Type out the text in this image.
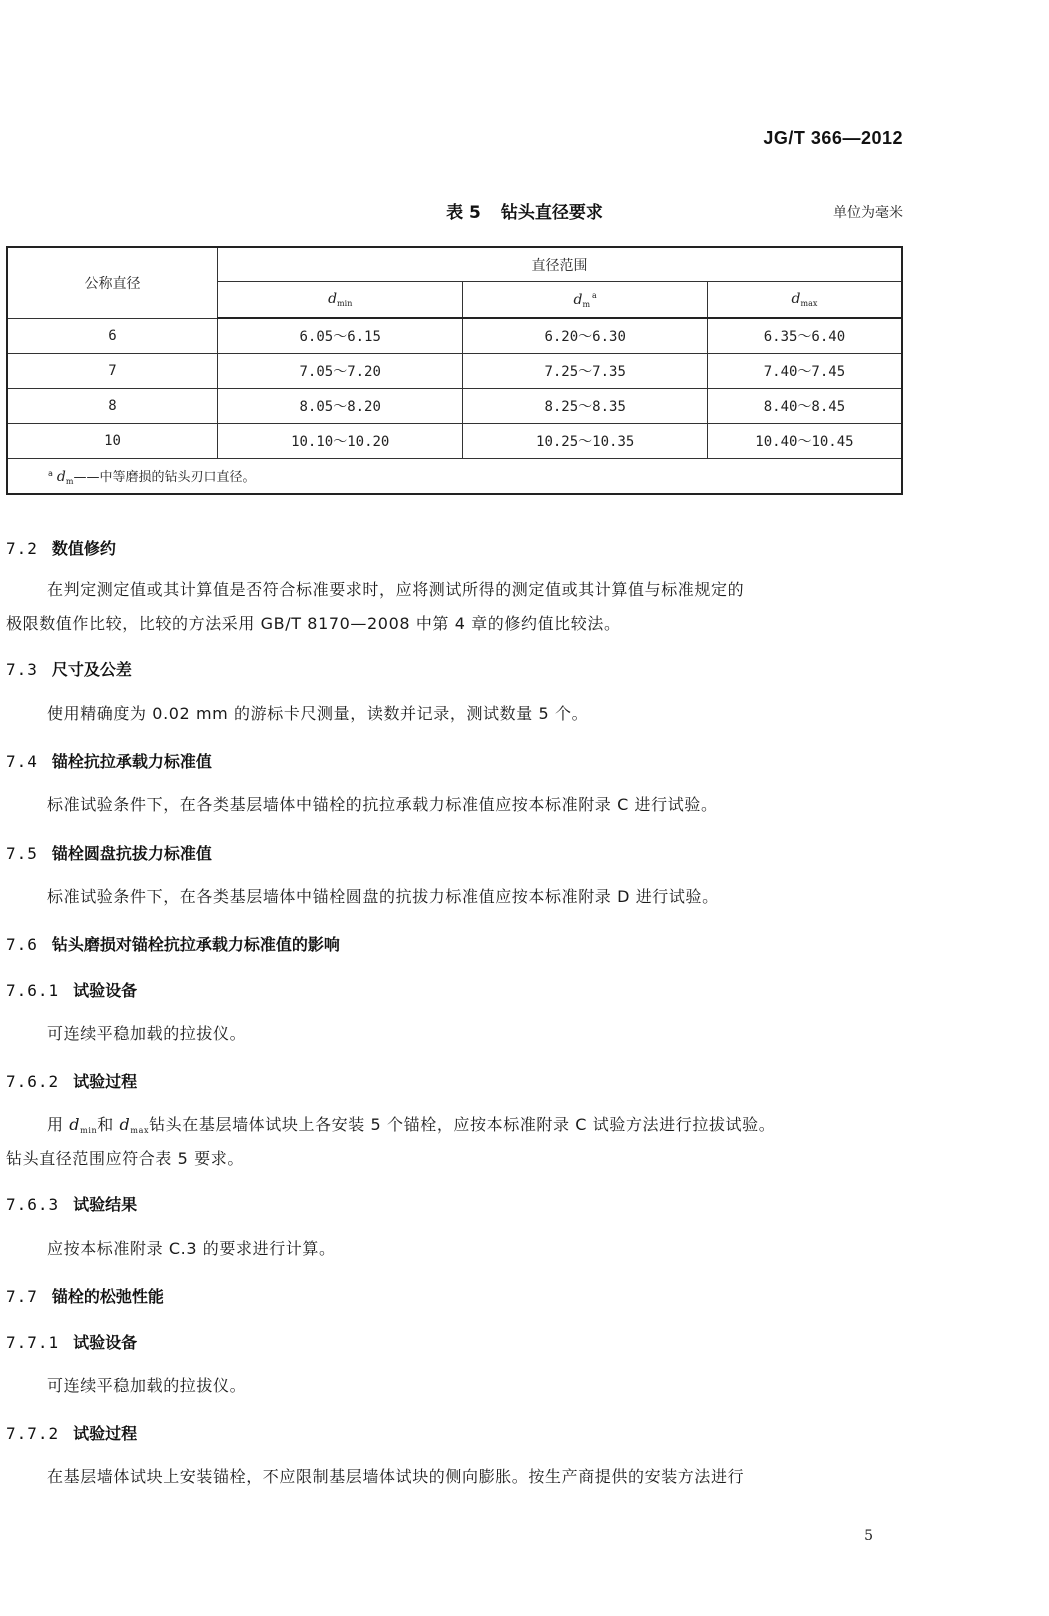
JG/T 366—2012
表 5 钻头直径要求	单位为毫米
公称直径	直径范围		
	$d_{min}$	$d_m^a$	$d_{max}$
6	6.05～6.15	6.20～6.30	6.35～6.40
7	7.05～7.20	7.25～7.35	7.40～7.45
8	8.05～8.20	8.25～8.35	8.40～8.45
10	10.10～10.20	10.25～10.35	10.40～10.45
$^a$ $d_m——$中等磨损的钻头刃口直径。			
7.2 数值修约
在判定测定值或其计算值是否符合标准要求时，应将测试所得的测定值或其计算值与标准规定的
极限数值作比较，比较的方法采用 GB/T 8170—2008 中第 4 章的修约值比较法。
7.3 尺寸及公差
使用精确度为 0.02 mm 的游标卡尺测量，读数并记录，测试数量 5 个。
7.4 锚栓抗拉承载力标准值
标准试验条件下，在各类基层墙体中锚栓的抗拉承载力标准值应按本标准附录 C 进行试验。
7.5 锚栓圆盘抗拔力标准值
标准试验条件下，在各类基层墙体中锚栓圆盘的抗拔力标准值应按本标准附录 D 进行试验。
7.6 钻头磨损对锚栓抗拉承载力标准值的影响
7.6.1 试验设备
可连续平稳加载的拉拔仪。
7.6.2 试验过程
用 $d_{min}$和 $d_{max}$钻头在基层墙体试块上各安装 5 个锚栓，应按本标准附录 C 试验方法进行拉拔试验。
钻头直径范围应符合表 5 要求。
7.6.3 试验结果
应按本标准附录 C.3 的要求进行计算。
7.7 锚栓的松弛性能
7.7.1 试验设备
可连续平稳加载的拉拔仪。
7.7.2 试验过程
在基层墙体试块上安装锚栓，不应限制基层墙体试块的侧向膨胀。按生产商提供的安装方法进行
5
